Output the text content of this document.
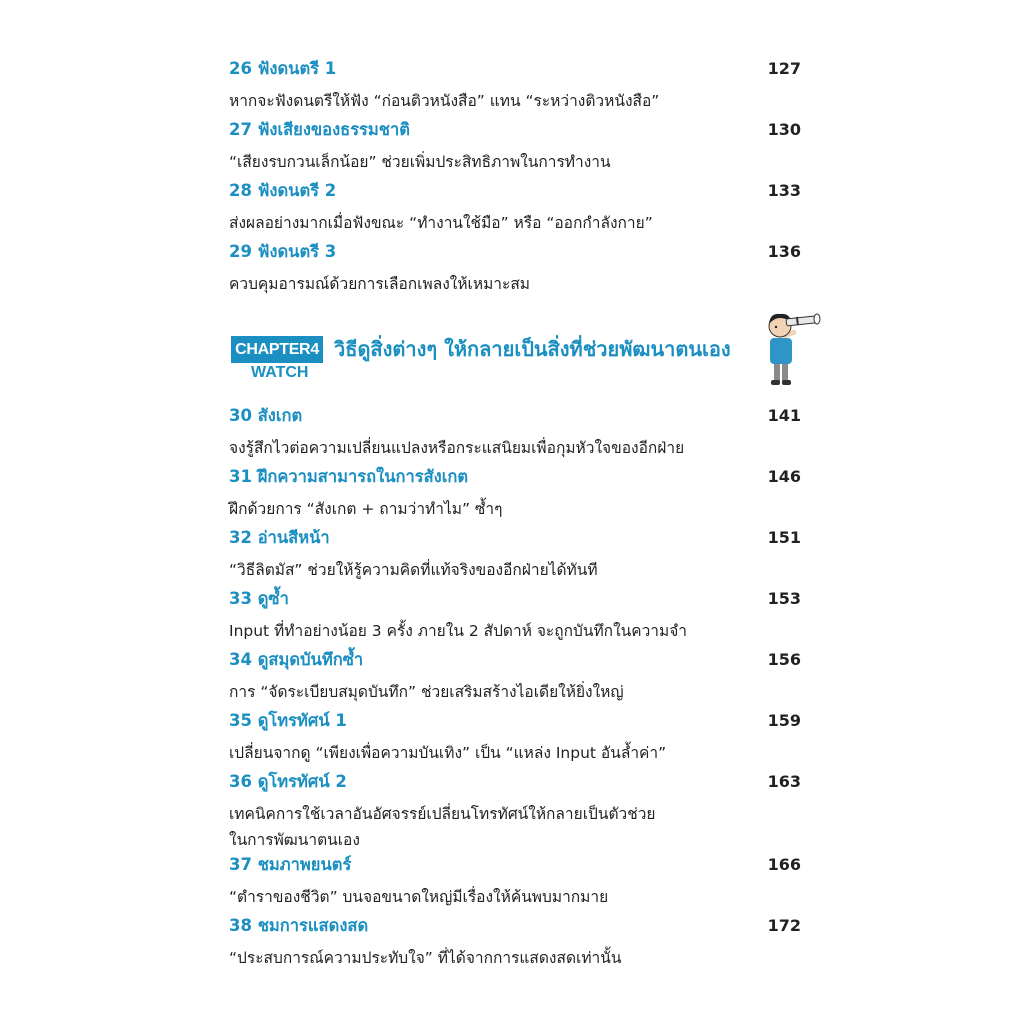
26 ฟังดนตรี 1	127
หากจะฟังดนตรีให้ฟัง “ก่อนติวหนังสือ” แทน “ระหว่างติวหนังสือ”
27 ฟังเสียงของธรรมชาติ	130
“เสียงรบกวนเล็กน้อย” ช่วยเพิ่มประสิทธิภาพในการทำงาน
28 ฟังดนตรี 2	133
ส่งผลอย่างมากเมื่อฟังขณะ “ทำงานใช้มือ” หรือ “ออกกำลังกาย”
29 ฟังดนตรี 3	136
ควบคุมอารมณ์ด้วยการเลือกเพลงให้เหมาะสม
CHAPTER4
WATCH
วิธีดูสิ่งต่างๆ ให้กลายเป็นสิ่งที่ช่วยพัฒนาตนเอง
30 สังเกต	141
จงรู้สึกไวต่อความเปลี่ยนแปลงหรือกระแสนิยมเพื่อกุมหัวใจของอีกฝ่าย
31 ฝึกความสามารถในการสังเกต	146
ฝึกด้วยการ “สังเกต + ถามว่าทำไม” ซ้ำๆ
32 อ่านสีหน้า	151
“วิธีลิตมัส” ช่วยให้รู้ความคิดที่แท้จริงของอีกฝ่ายได้ทันที
33 ดูซ้ำ	153
Input ที่ทำอย่างน้อย 3 ครั้ง ภายใน 2 สัปดาห์ จะถูกบันทึกในความจำ
34 ดูสมุดบันทึกซ้ำ	156
การ “จัดระเบียบสมุดบันทึก” ช่วยเสริมสร้างไอเดียให้ยิ่งใหญ่
35 ดูโทรทัศน์ 1	159
เปลี่ยนจากดู “เพียงเพื่อความบันเทิง” เป็น “แหล่ง Input อันล้ำค่า”
36 ดูโทรทัศน์ 2	163
เทคนิคการใช้เวลาอันอัศจรรย์เปลี่ยนโทรทัศน์ให้กลายเป็นตัวช่วย
ในการพัฒนาตนเอง
37 ชมภาพยนตร์	166
“ตำราของชีวิต” บนจอขนาดใหญ่มีเรื่องให้ค้นพบมากมาย
38 ชมการแสดงสด	172
“ประสบการณ์ความประทับใจ” ที่ได้จากการแสดงสดเท่านั้น
